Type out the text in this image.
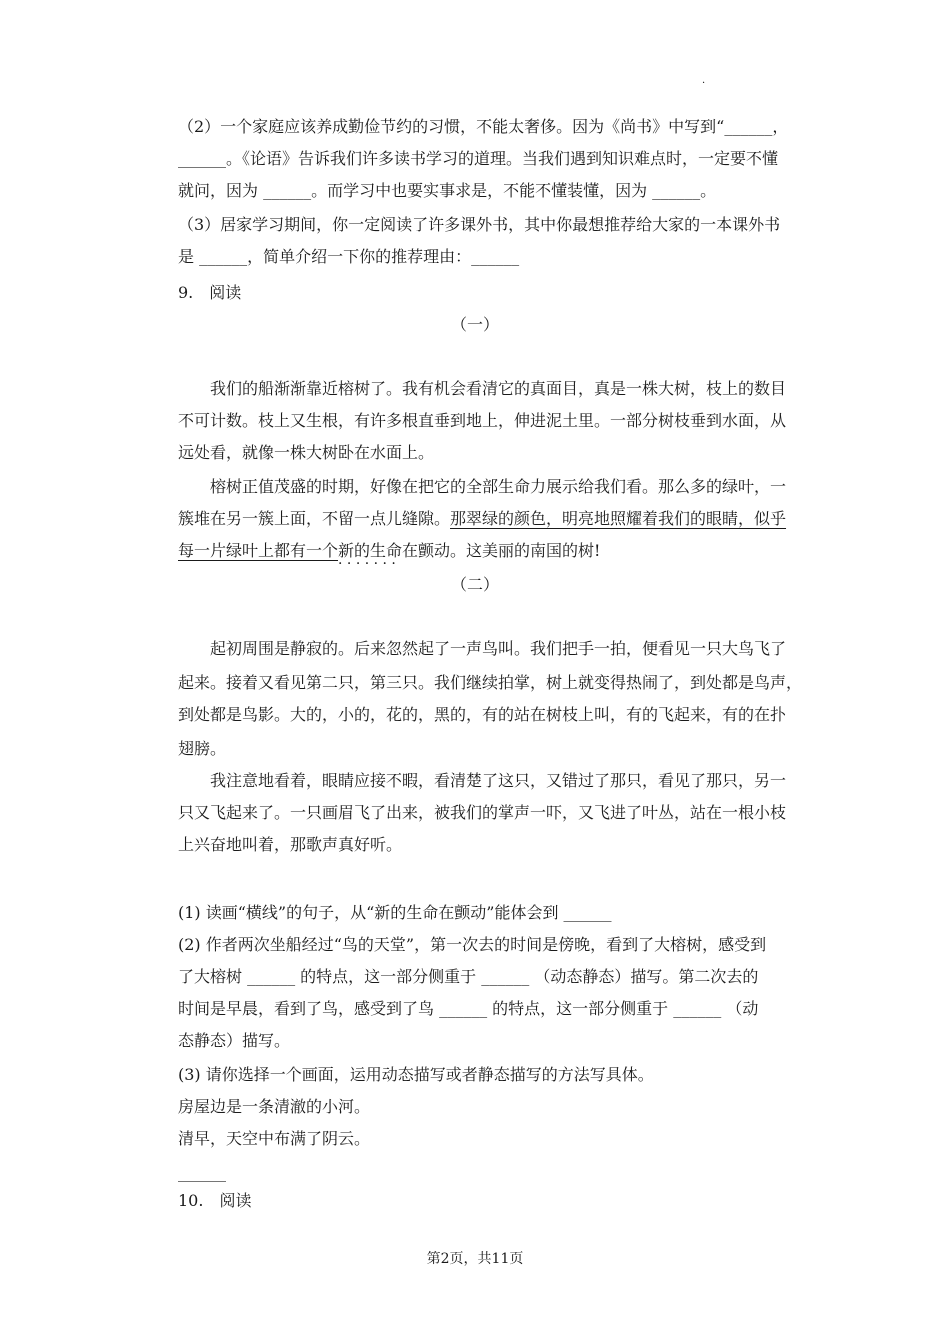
·
（2）一个家庭应该养成勤俭节约的习惯，不能太奢侈。因为《尚书》中写到“______，
______。《论语》告诉我们许多读书学习的道理。当我们遇到知识难点时，一定要不懂
就问，因为 ______。而学习中也要实事求是，不能不懂装懂，因为 ______。
（3）居家学习期间，你一定阅读了许多课外书，其中你最想推荐给大家的一本课外书
是 ______，简单介绍一下你的推荐理由：______
9.　阅读
（一）
我们的船渐渐靠近榕树了。我有机会看清它的真面目，真是一株大树，枝上的数目
不可计数。枝上又生根，有许多根直垂到地上，伸进泥土里。一部分树枝垂到水面，从
远处看，就像一株大树卧在水面上。
榕树正值茂盛的时期，好像在把它的全部生命力展示给我们看。那么多的绿叶，一
簇堆在另一簇上面，不留一点儿缝隙。那翠绿的颜色，明亮地照耀着我们的眼睛，似乎
每一片绿叶上都有一个新的生命在颤动 · · ·。这美丽的南国的树!
（二）
起初周围是静寂的。后来忽然起了一声鸟叫。我们把手一拍，便看见一只大鸟飞了
起来。接着又看见第二只，第三只。我们继续拍掌，树上就变得热闹了，到处都是鸟声，
到处都是鸟影。大的，小的，花的，黑的，有的站在树枝上叫，有的飞起来，有的在扑
翅膀。
我注意地看着，眼睛应接不暇，看清楚了这只，又错过了那只，看见了那只，另一
只又飞起来了。一只画眉飞了出来，被我们的掌声一吓，又飞进了叶丛，站在一根小枝
上兴奋地叫着，那歌声真好听。
(1) 读画“横线”的句子，从“新的生命在颤动”能体会到 ______
(2) 作者两次坐船经过“鸟的天堂”，第一次去的时间是傍晚，看到了大榕树，感受到
了大榕树 ______ 的特点，这一部分侧重于 ______ （动态静态）描写。第二次去的
时间是早晨，看到了鸟，感受到了鸟 ______ 的特点，这一部分侧重于 ______ （动
态静态）描写。
(3) 请你选择一个画面，运用动态描写或者静态描写的方法写具体。
房屋边是一条清澈的小河。
清早，天空中布满了阴云。
______
10.　阅读
第2页，共11页
